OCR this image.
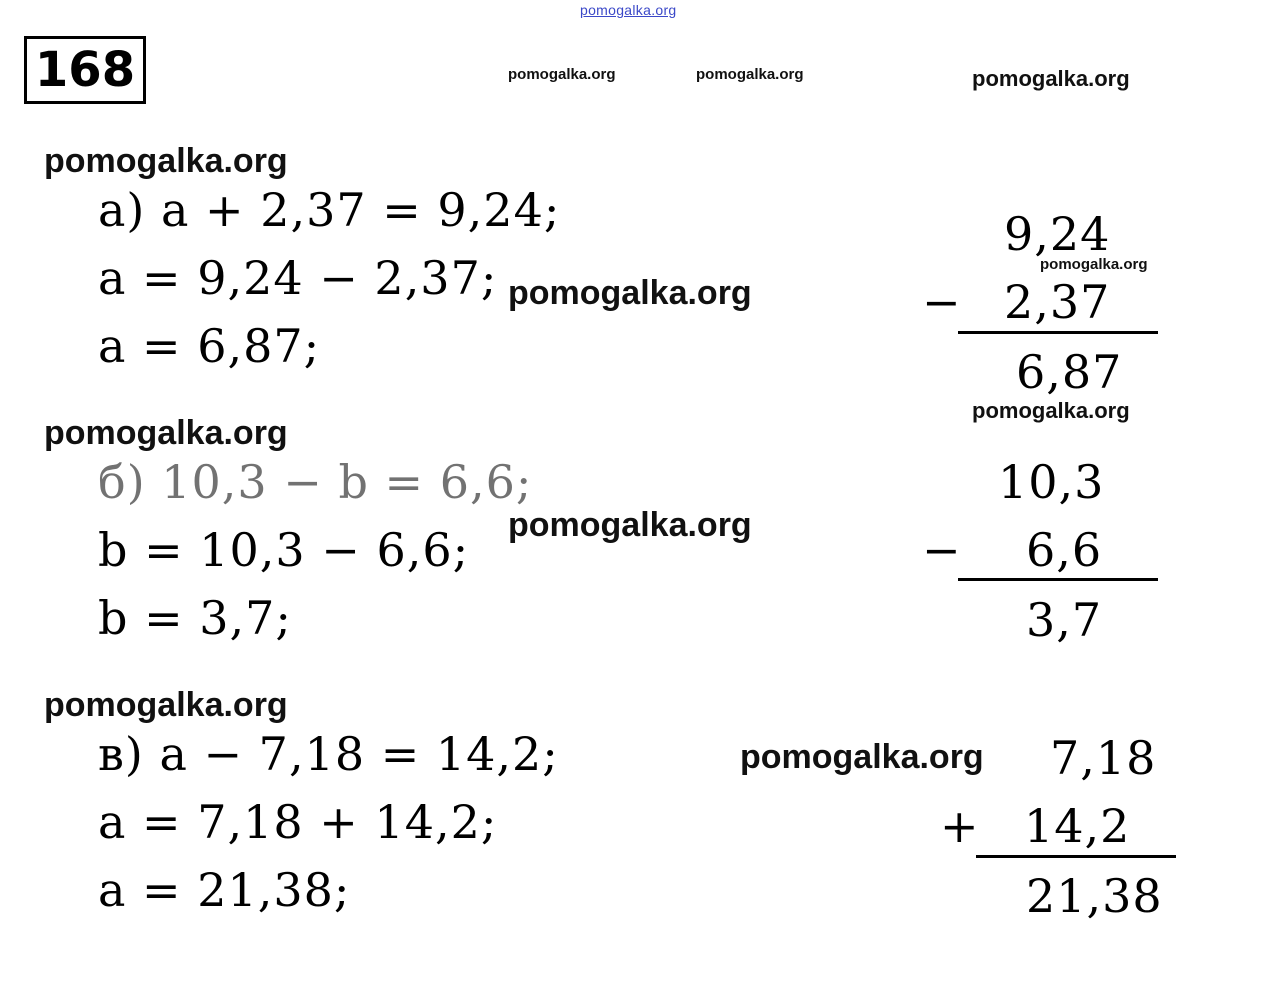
pomogalka.org
pomogalka.org	pomogalka.org	pomogalka.org
pomogalka.org
pomogalka.org
pomogalka.org
pomogalka.org
pomogalka.org
pomogalka.org
pomogalka.org
pomogalka.org
168
а) a + 2,37 = 9,24;
a = 9,24 − 2,37;
a = 6,87;
9,24
− 2,37
6,87
б) 10,3 − b = 6,6;
b = 10,3 − 6,6;
b = 3,7;
10,3
− 6,6
3,7
в) a − 7,18 = 14,2;
a = 7,18 + 14,2;
a = 21,38;
7,18
+ 14,2
21,38
